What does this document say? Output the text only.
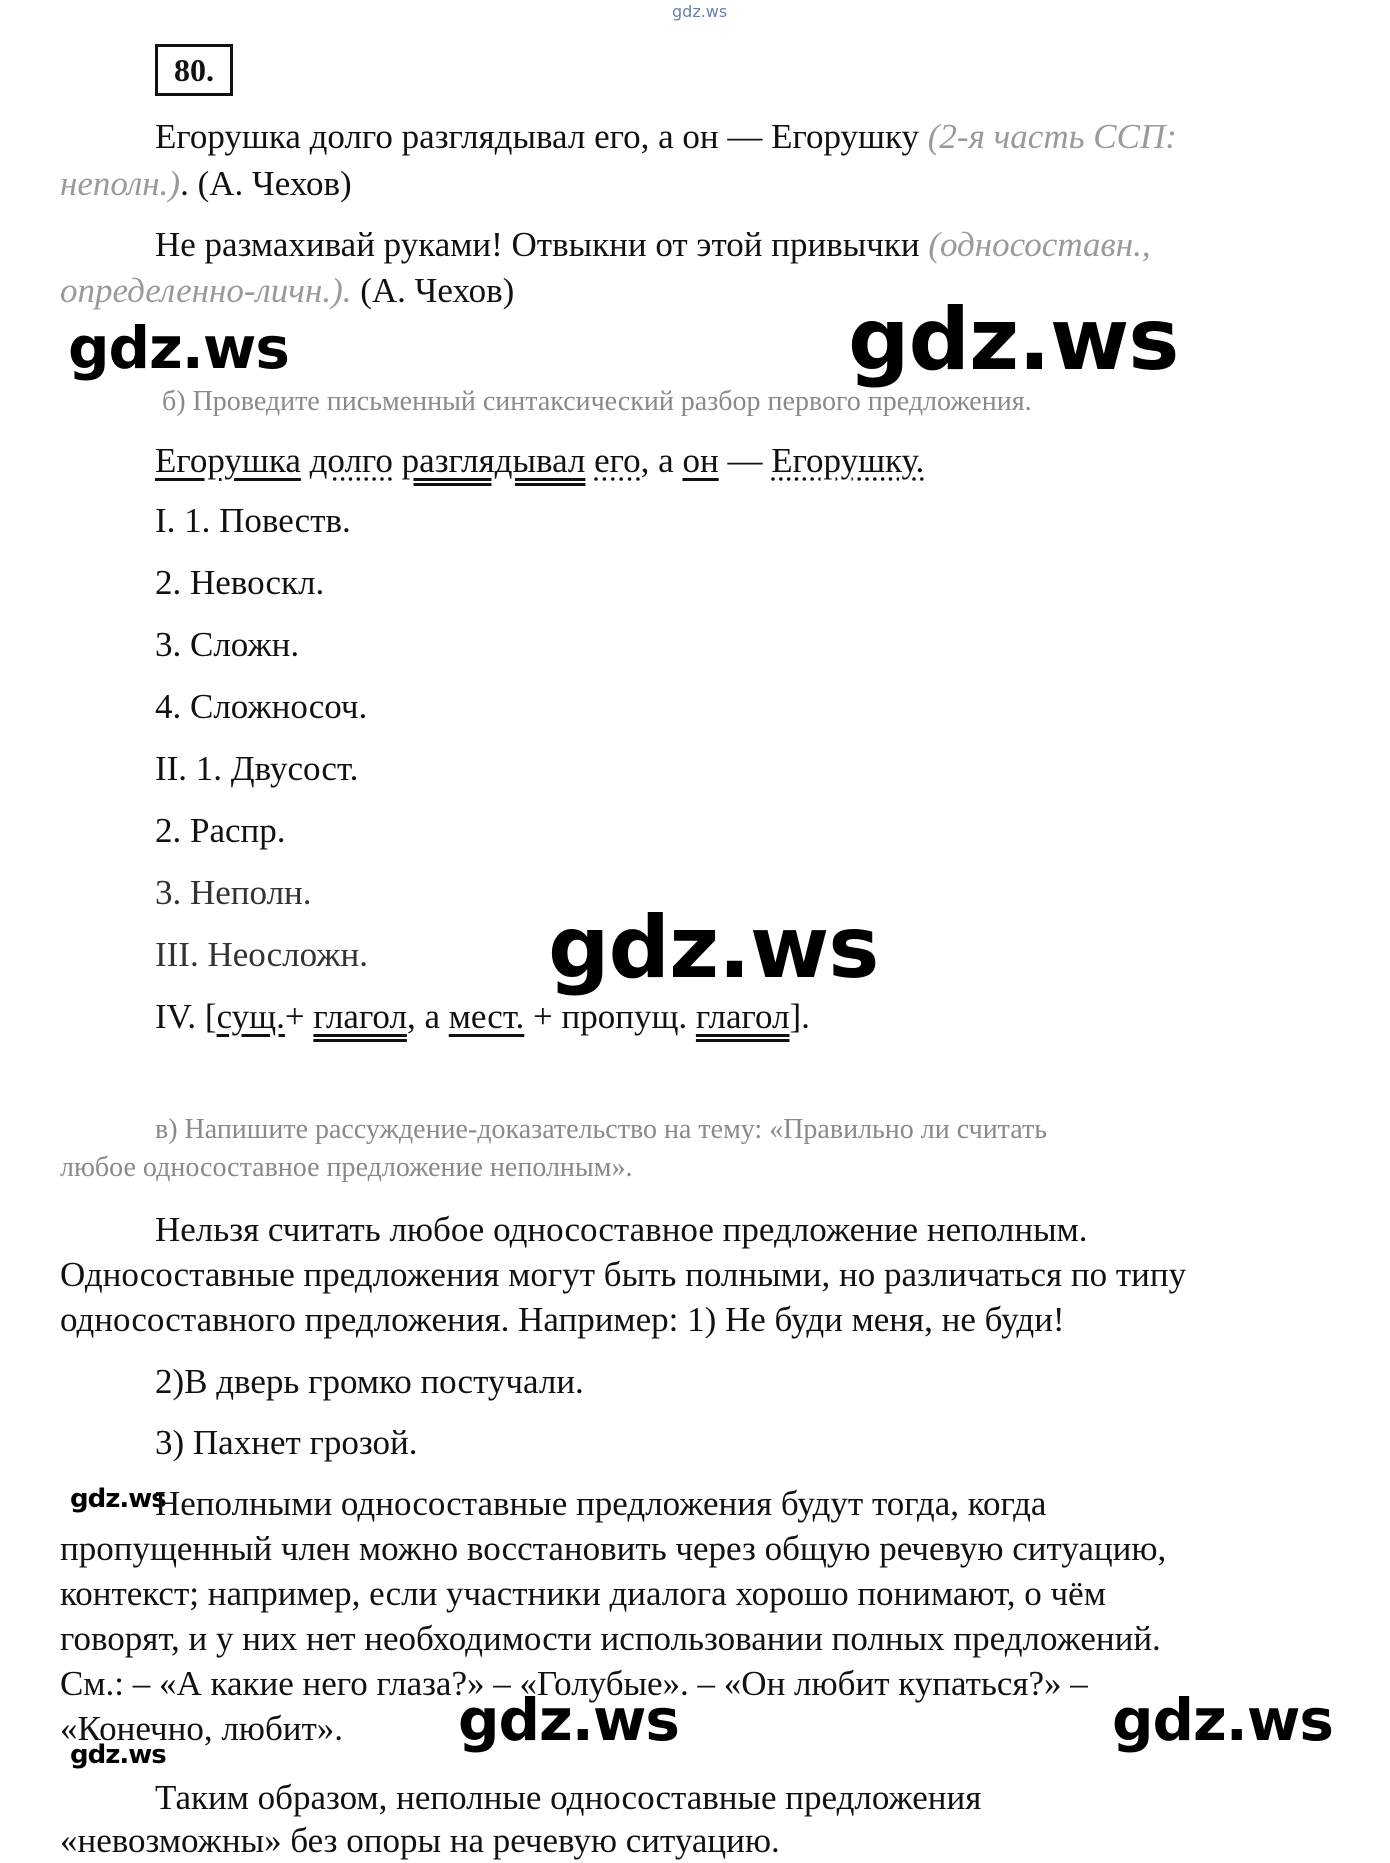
gdz.ws
80.
Егорушка долго разглядывал его, а он — Егорушку (2-я часть ССП:
неполн.). (А. Чехов)
Не размахивай руками! Отвыкни от этой привычки (односоставн.,
определенно-личн.). (А. Чехов)
gdz.ws	gdz.ws
б) Проведите письменный синтаксический разбор первого предложения.
Егорушка долго разглядывал его, а он — Егорушку.
I. 1. Повеств.
2. Невоскл.
3. Сложн.
4. Сложносоч.
II. 1. Двусост.
2. Распр.
3. Неполн.
III. Неосложн. gdz.ws
IV. [сущ.+ глагол, а мест. + пропущ. глагол].
в) Напишите рассуждение-доказательство на тему: «Правильно ли считать
любое односоставное предложение неполным».
Нельзя считать любое односоставное предложение неполным.
Односоставные предложения могут быть полными, но различаться по типу
односоставного предложения. Например: 1) Не буди меня, не буди!
2)В дверь громко постучали.
3) Пахнет грозой.
gdz.ws
Неполными односоставные предложения будут тогда, когда
пропущенный член можно восстановить через общую речевую ситуацию,
контекст; например, если участники диалога хорошо понимают, о чём
говорят, и у них нет необходимости использовании полных предложений.
См.: – «А какие него глаза?» – «Голубые». – «Он любит купаться?» –
«Конечно, любит». gdz.ws	gdz.ws
gdz.ws
Таким образом, неполные односоставные предложения
«невозможны» без опоры на речевую ситуацию.
